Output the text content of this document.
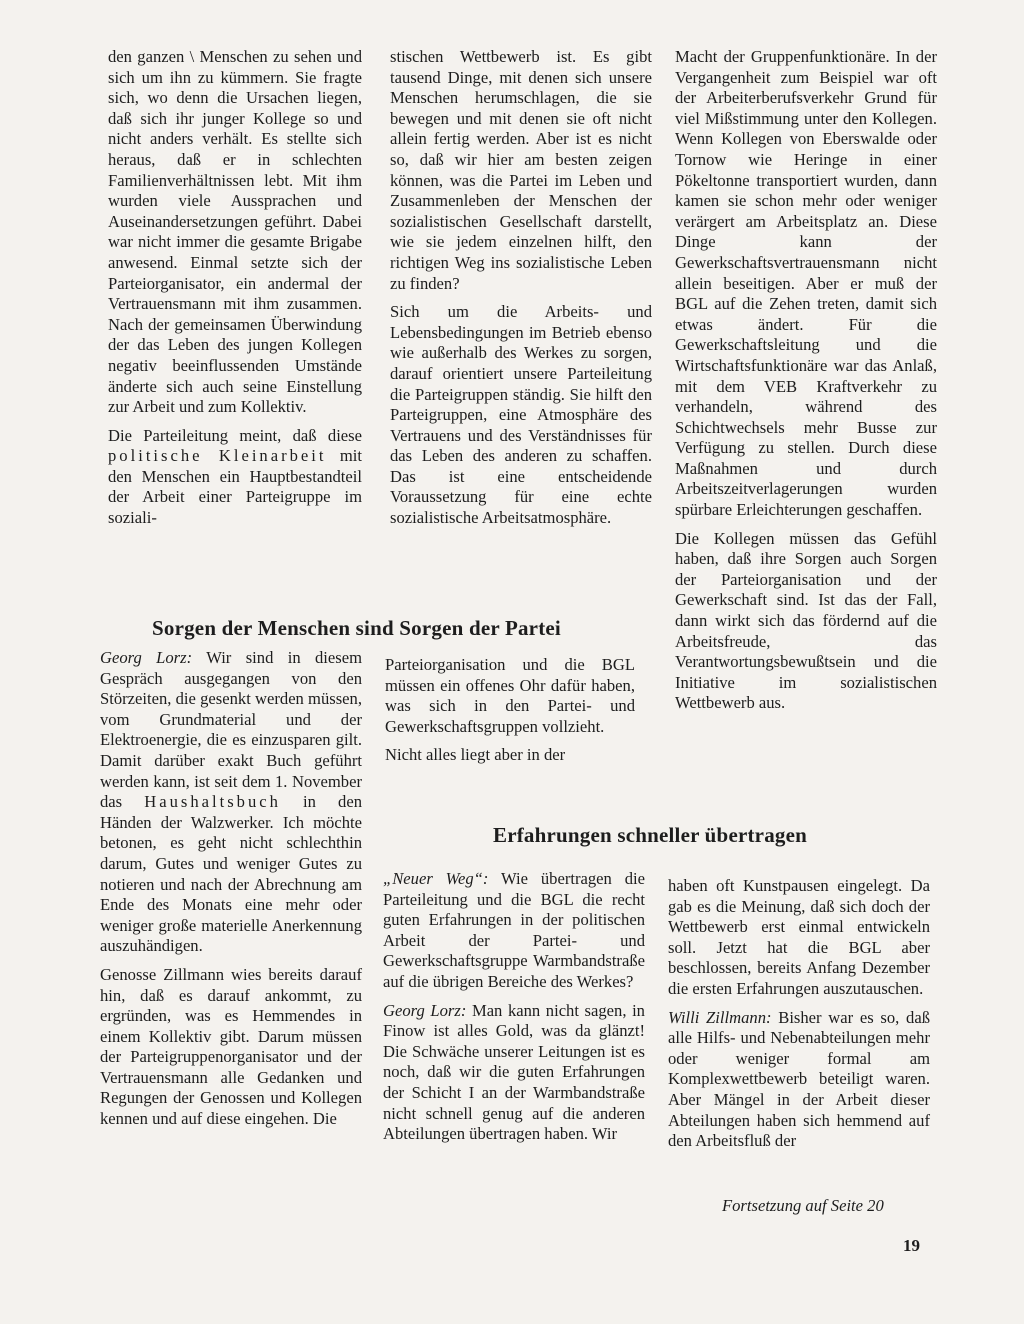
den ganzen \ Menschen zu sehen und sich um ihn zu kümmern. Sie fragte sich, wo denn die Ursachen liegen, daß sich ihr junger Kollege so und nicht anders verhält. Es stellte sich heraus, daß er in schlechten Familienverhältnissen lebt. Mit ihm wurden viele Aussprachen und Auseinandersetzungen geführt. Dabei war nicht immer die gesamte Brigabe anwesend. Einmal setzte sich der Parteiorganisator, ein andermal der Vertrauensmann mit ihm zusammen. Nach der gemeinsamen Überwindung der das Leben des jungen Kollegen negativ beeinflussenden Umstände änderte sich auch seine Einstellung zur Arbeit und zum Kollektiv.

Die Parteileitung meint, daß diese politische Kleinarbeit mit den Menschen ein Hauptbestandteil der Arbeit einer Parteigruppe im soziali-

stischen Wettbewerb ist. Es gibt tausend Dinge, mit denen sich unsere Menschen herumschlagen, die sie bewegen und mit denen sie oft nicht allein fertig werden. Aber ist es nicht so, daß wir hier am besten zeigen können, was die Partei im Leben und Zusammenleben der Menschen der sozialistischen Gesellschaft darstellt, wie sie jedem einzelnen hilft, den richtigen Weg ins sozialistische Leben zu finden?

Sich um die Arbeits- und Lebensbedingungen im Betrieb ebenso wie außerhalb des Werkes zu sorgen, darauf orientiert unsere Parteileitung die Parteigruppen ständig. Sie hilft den Parteigruppen, eine Atmosphäre des Vertrauens und des Verständnisses für das Leben des anderen zu schaffen. Das ist eine entscheidende Voraussetzung für eine echte sozialistische Arbeitsatmosphäre.

Macht der Gruppenfunktionäre. In der Vergangenheit zum Beispiel war oft der Arbeiterberufsverkehr Grund für viel Mißstimmung unter den Kollegen. Wenn Kollegen von Eberswalde oder Tornow wie Heringe in einer Pökeltonne transportiert wurden, dann kamen sie schon mehr oder weniger verärgert am Arbeitsplatz an. Diese Dinge kann der Gewerkschaftsvertrauensmann nicht allein beseitigen. Aber er muß der BGL auf die Zehen treten, damit sich etwas ändert. Für die Gewerkschaftsleitung und die Wirtschaftsfunktionäre war das Anlaß, mit dem VEB Kraftverkehr zu verhandeln, während des Schichtwechsels mehr Busse zur Verfügung zu stellen. Durch diese Maßnahmen und durch Arbeitszeitverlagerungen wurden spürbare Erleichterungen geschaffen.

Die Kollegen müssen das Gefühl haben, daß ihre Sorgen auch Sorgen der Parteiorganisation und der Gewerkschaft sind. Ist das der Fall, dann wirkt sich das fördernd auf die Arbeitsfreude, das Verantwortungsbewußtsein und die Initiative im sozialistischen Wettbewerb aus.

Sorgen der Menschen sind Sorgen der Partei

Georg Lorz: Wir sind in diesem Gespräch ausgegangen von den Störzeiten, die gesenkt werden müssen, vom Grundmaterial und der Elektroenergie, die es einzusparen gilt. Damit darüber exakt Buch geführt werden kann, ist seit dem 1. November das Haushaltsbuch in den Händen der Walzwerker. Ich möchte betonen, es geht nicht schlechthin darum, Gutes und weniger Gutes zu notieren und nach der Abrechnung am Ende des Monats eine mehr oder weniger große materielle Anerkennung auszuhändigen.

Genosse Zillmann wies bereits darauf hin, daß es darauf ankommt, zu ergründen, was es Hemmendes in einem Kollektiv gibt. Darum müssen der Parteigruppenorganisator und der Vertrauensmann alle Gedanken und Regungen der Genossen und Kollegen kennen und auf diese eingehen. Die

Parteiorganisation und die BGL müssen ein offenes Ohr dafür haben, was sich in den Partei- und Gewerkschaftsgruppen vollzieht.

Nicht alles liegt aber in der

Erfahrungen schneller übertragen

„Neuer Weg“: Wie übertragen die Parteileitung und die BGL die recht guten Erfahrungen in der politischen Arbeit der Partei- und Gewerkschaftsgruppe Warmbandstraße auf die übrigen Bereiche des Werkes?

Georg Lorz: Man kann nicht sagen, in Finow ist alles Gold, was da glänzt! Die Schwäche unserer Leitungen ist es noch, daß wir die guten Erfahrungen der Schicht I an der Warmbandstraße nicht schnell genug auf die anderen Abteilungen übertragen haben. Wir

haben oft Kunstpausen eingelegt. Da gab es die Meinung, daß sich doch der Wettbewerb erst einmal entwickeln soll. Jetzt hat die BGL aber beschlossen, bereits Anfang Dezember die ersten Erfahrungen auszutauschen.

Willi Zillmann: Bisher war es so, daß alle Hilfs- und Nebenabteilungen mehr oder weniger formal am Komplexwettbewerb beteiligt waren. Aber Mängel in der Arbeit dieser Abteilungen haben sich hemmend auf den Arbeitsfluß der

Fortsetzung auf Seite 20
19
